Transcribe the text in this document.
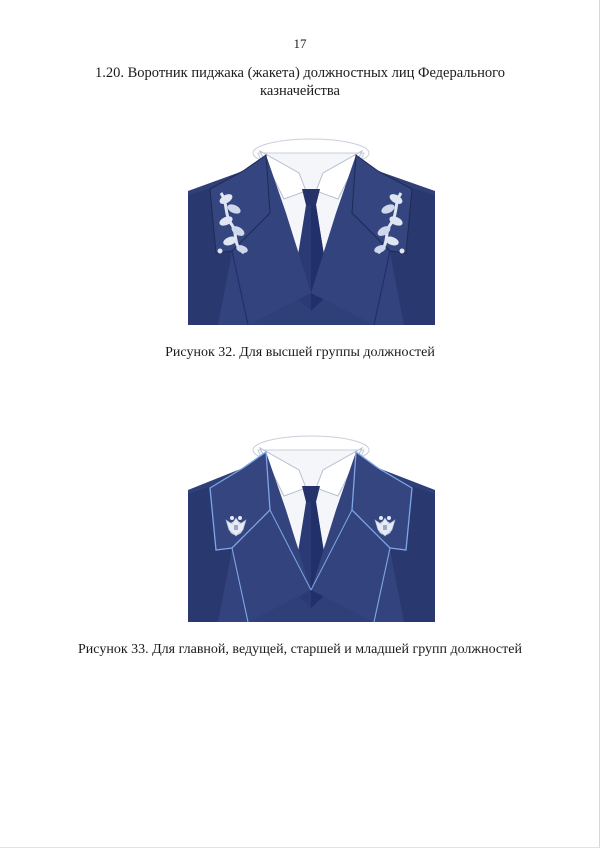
17
1.20. Воротник пиджака (жакета) должностных лиц Федерального казначейства
Рисунок 32. Для высшей группы должностей
Рисунок 33. Для главной, ведущей, старшей и младшей групп должностей
